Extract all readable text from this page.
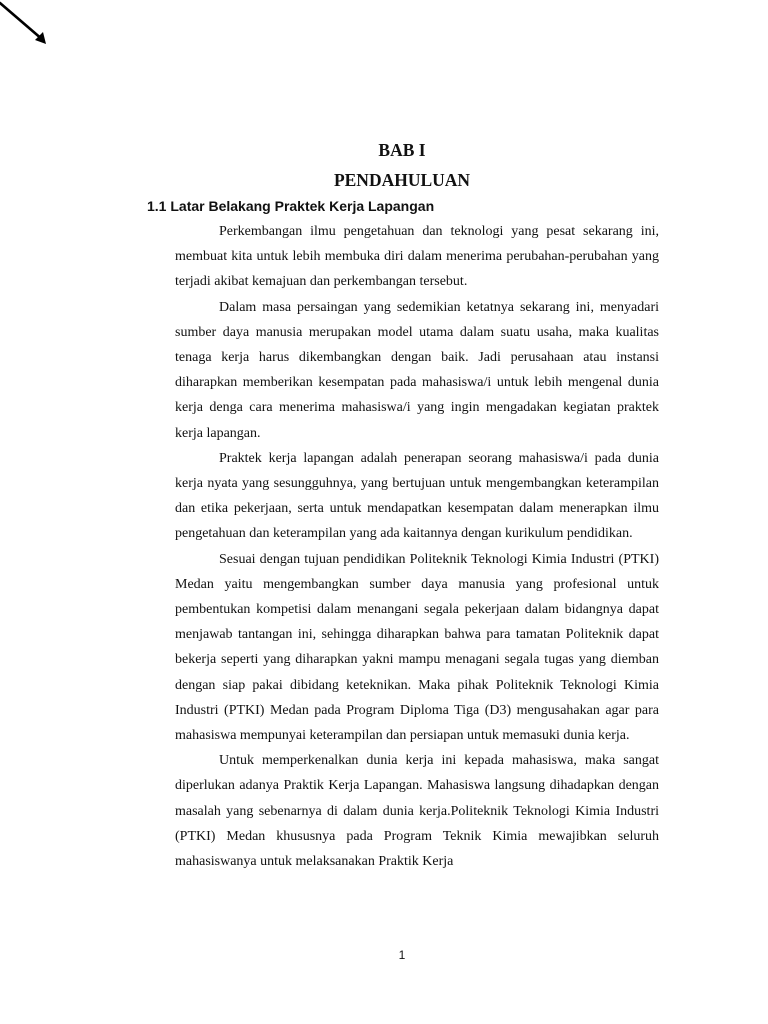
BAB I
PENDAHULUAN
1.1 Latar Belakang Praktek Kerja Lapangan

Perkembangan ilmu pengetahuan dan teknologi yang pesat sekarang ini, membuat kita untuk lebih membuka diri dalam menerima perubahan-perubahan yang terjadi akibat kemajuan dan perkembangan tersebut.

Dalam masa persaingan yang sedemikian ketatnya sekarang ini, menyadari sumber daya manusia merupakan model utama dalam suatu usaha, maka kualitas tenaga kerja harus dikembangkan dengan baik. Jadi perusahaan atau instansi diharapkan memberikan kesempatan pada mahasiswa/i untuk lebih mengenal dunia kerja denga cara menerima mahasiswa/i yang ingin mengadakan kegiatan praktek kerja lapangan.

Praktek kerja lapangan adalah penerapan seorang mahasiswa/i pada dunia kerja nyata yang sesungguhnya, yang bertujuan untuk mengembangkan keterampilan dan etika pekerjaan, serta untuk mendapatkan kesempatan dalam menerapkan ilmu pengetahuan dan keterampilan yang ada kaitannya dengan kurikulum pendidikan.

Sesuai dengan tujuan pendidikan Politeknik Teknologi Kimia Industri (PTKI) Medan yaitu mengembangkan sumber daya manusia yang profesional untuk pembentukan kompetisi dalam menangani segala pekerjaan dalam bidangnya dapat menjawab tantangan ini, sehingga diharapkan bahwa para tamatan Politeknik dapat bekerja seperti yang diharapkan yakni mampu menagani segala tugas yang diemban dengan siap pakai dibidang keteknikan. Maka pihak Politeknik Teknologi Kimia Industri (PTKI) Medan pada Program Diploma Tiga (D3) mengusahakan agar para mahasiswa mempunyai keterampilan dan persiapan untuk memasuki dunia kerja.

Untuk memperkenalkan dunia kerja ini kepada mahasiswa, maka sangat diperlukan adanya Praktik Kerja Lapangan. Mahasiswa langsung dihadapkan dengan masalah yang sebenarnya di dalam dunia kerja.Politeknik Teknologi Kimia Industri (PTKI) Medan khususnya pada Program Teknik Kimia mewajibkan seluruh mahasiswanya untuk melaksanakan Praktik Kerja

1
